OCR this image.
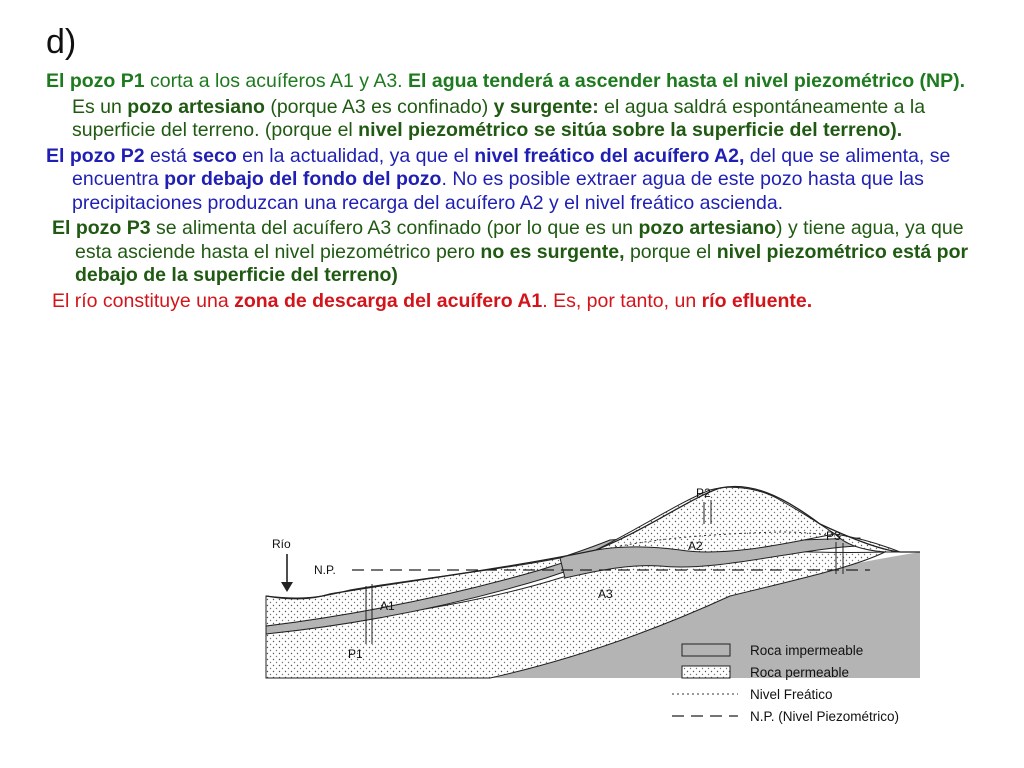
d)

El pozo P1 corta a los acuíferos A1 y A3. El agua tenderá a ascender hasta el nivel piezométrico (NP).

Es un pozo artesiano (porque A3 es confinado) y surgente: el agua saldrá espontáneamente a la superficie del terreno. (porque el nivel piezométrico se sitúa sobre la superficie del terreno).

El pozo P2 está seco en la actualidad, ya que el nivel freático del acuífero A2, del que se alimenta, se encuentra por debajo del fondo del pozo. No es posible extraer agua de este pozo hasta que las precipitaciones produzcan una recarga del acuífero A2 y el nivel freático ascienda.

El pozo P3 se alimenta del acuífero A3 confinado (por lo que es un pozo artesiano) y tiene agua, ya que esta asciende hasta el nivel piezométrico pero no es surgente, porque el nivel piezométrico está por debajo de la superficie del terreno)

El río constituye una zona de descarga del acuífero A1. Es, por tanto, un río efluente.

Río
N.P.
A1
P1
A3
P2
A2
P3
Roca impermeable
Roca permeable
Nivel Freático
N.P. (Nivel Piezométrico)
